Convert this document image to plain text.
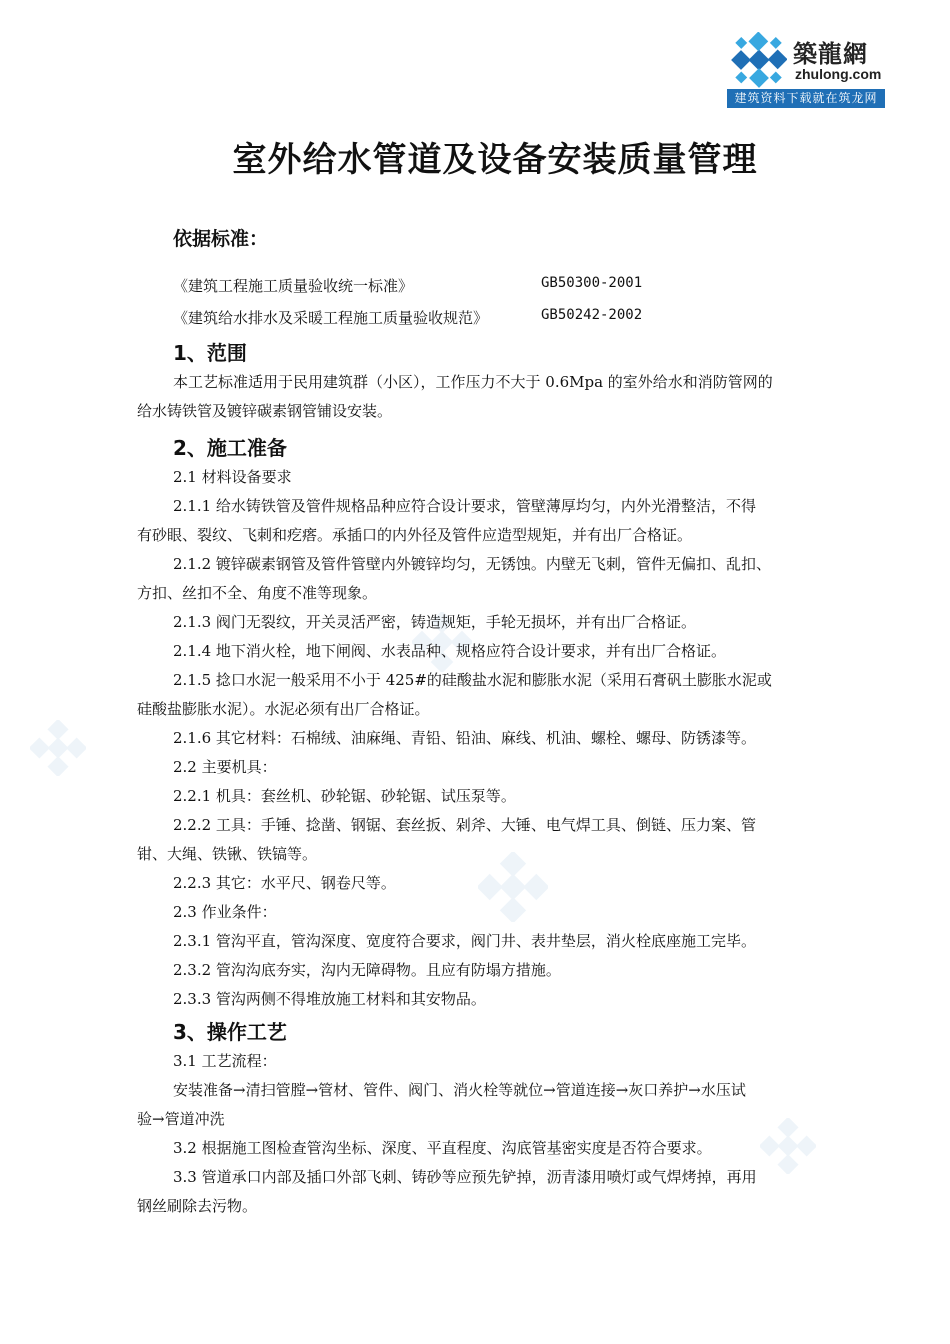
築龍網
zhulong.com
建筑资料下载就在筑龙网
室外给水管道及设备安装质量管理
依据标准：
《建筑工程施工质量验收统一标准》	GB50300-2001
《建筑给水排水及采暖工程施工质量验收规范》	GB50242-2002
1、范围
本工艺标准适用于民用建筑群（小区），工作压力不大于 0.6Mpa 的室外给水和消防管网的
给水铸铁管及镀锌碳素钢管铺设安装。
2、施工准备
2.1 材料设备要求
2.1.1 给水铸铁管及管件规格品种应符合设计要求，管壁薄厚均匀，内外光滑整洁，不得
有砂眼、裂纹、飞刺和疙瘩。承插口的内外径及管件应造型规矩，并有出厂合格证。
2.1.2 镀锌碳素钢管及管件管壁内外镀锌均匀，无锈蚀。内壁无飞刺，管件无偏扣、乱扣、
方扣、丝扣不全、角度不准等现象。
2.1.3 阀门无裂纹，开关灵活严密，铸造规矩，手轮无损坏，并有出厂合格证。
2.1.4 地下消火栓，地下闸阀、水表品种、规格应符合设计要求，并有出厂合格证。
2.1.5 捻口水泥一般采用不小于 425#的硅酸盐水泥和膨胀水泥（采用石膏矾土膨胀水泥或
硅酸盐膨胀水泥）。水泥必须有出厂合格证。
2.1.6 其它材料：石棉绒、油麻绳、青铅、铅油、麻线、机油、螺栓、螺母、防锈漆等。
2.2 主要机具：
2.2.1 机具：套丝机、砂轮锯、砂轮锯、试压泵等。
2.2.2 工具：手锤、捻凿、钢锯、套丝扳、剁斧、大锤、电气焊工具、倒链、压力案、管
钳、大绳、铁锹、铁镐等。
2.2.3 其它：水平尺、钢卷尺等。
2.3 作业条件：
2.3.1 管沟平直，管沟深度、宽度符合要求，阀门井、表井垫层，消火栓底座施工完毕。
2.3.2 管沟沟底夯实，沟内无障碍物。且应有防塌方措施。
2.3.3 管沟两侧不得堆放施工材料和其安物品。
3、操作工艺
3.1 工艺流程：
安装准备→清扫管膛→管材、管件、阀门、消火栓等就位→管道连接→灰口养护→水压试
验→管道冲洗
3.2 根据施工图检查管沟坐标、深度、平直程度、沟底管基密实度是否符合要求。
3.3 管道承口内部及插口外部飞刺、铸砂等应预先铲掉，沥青漆用喷灯或气焊烤掉，再用
钢丝刷除去污物。
